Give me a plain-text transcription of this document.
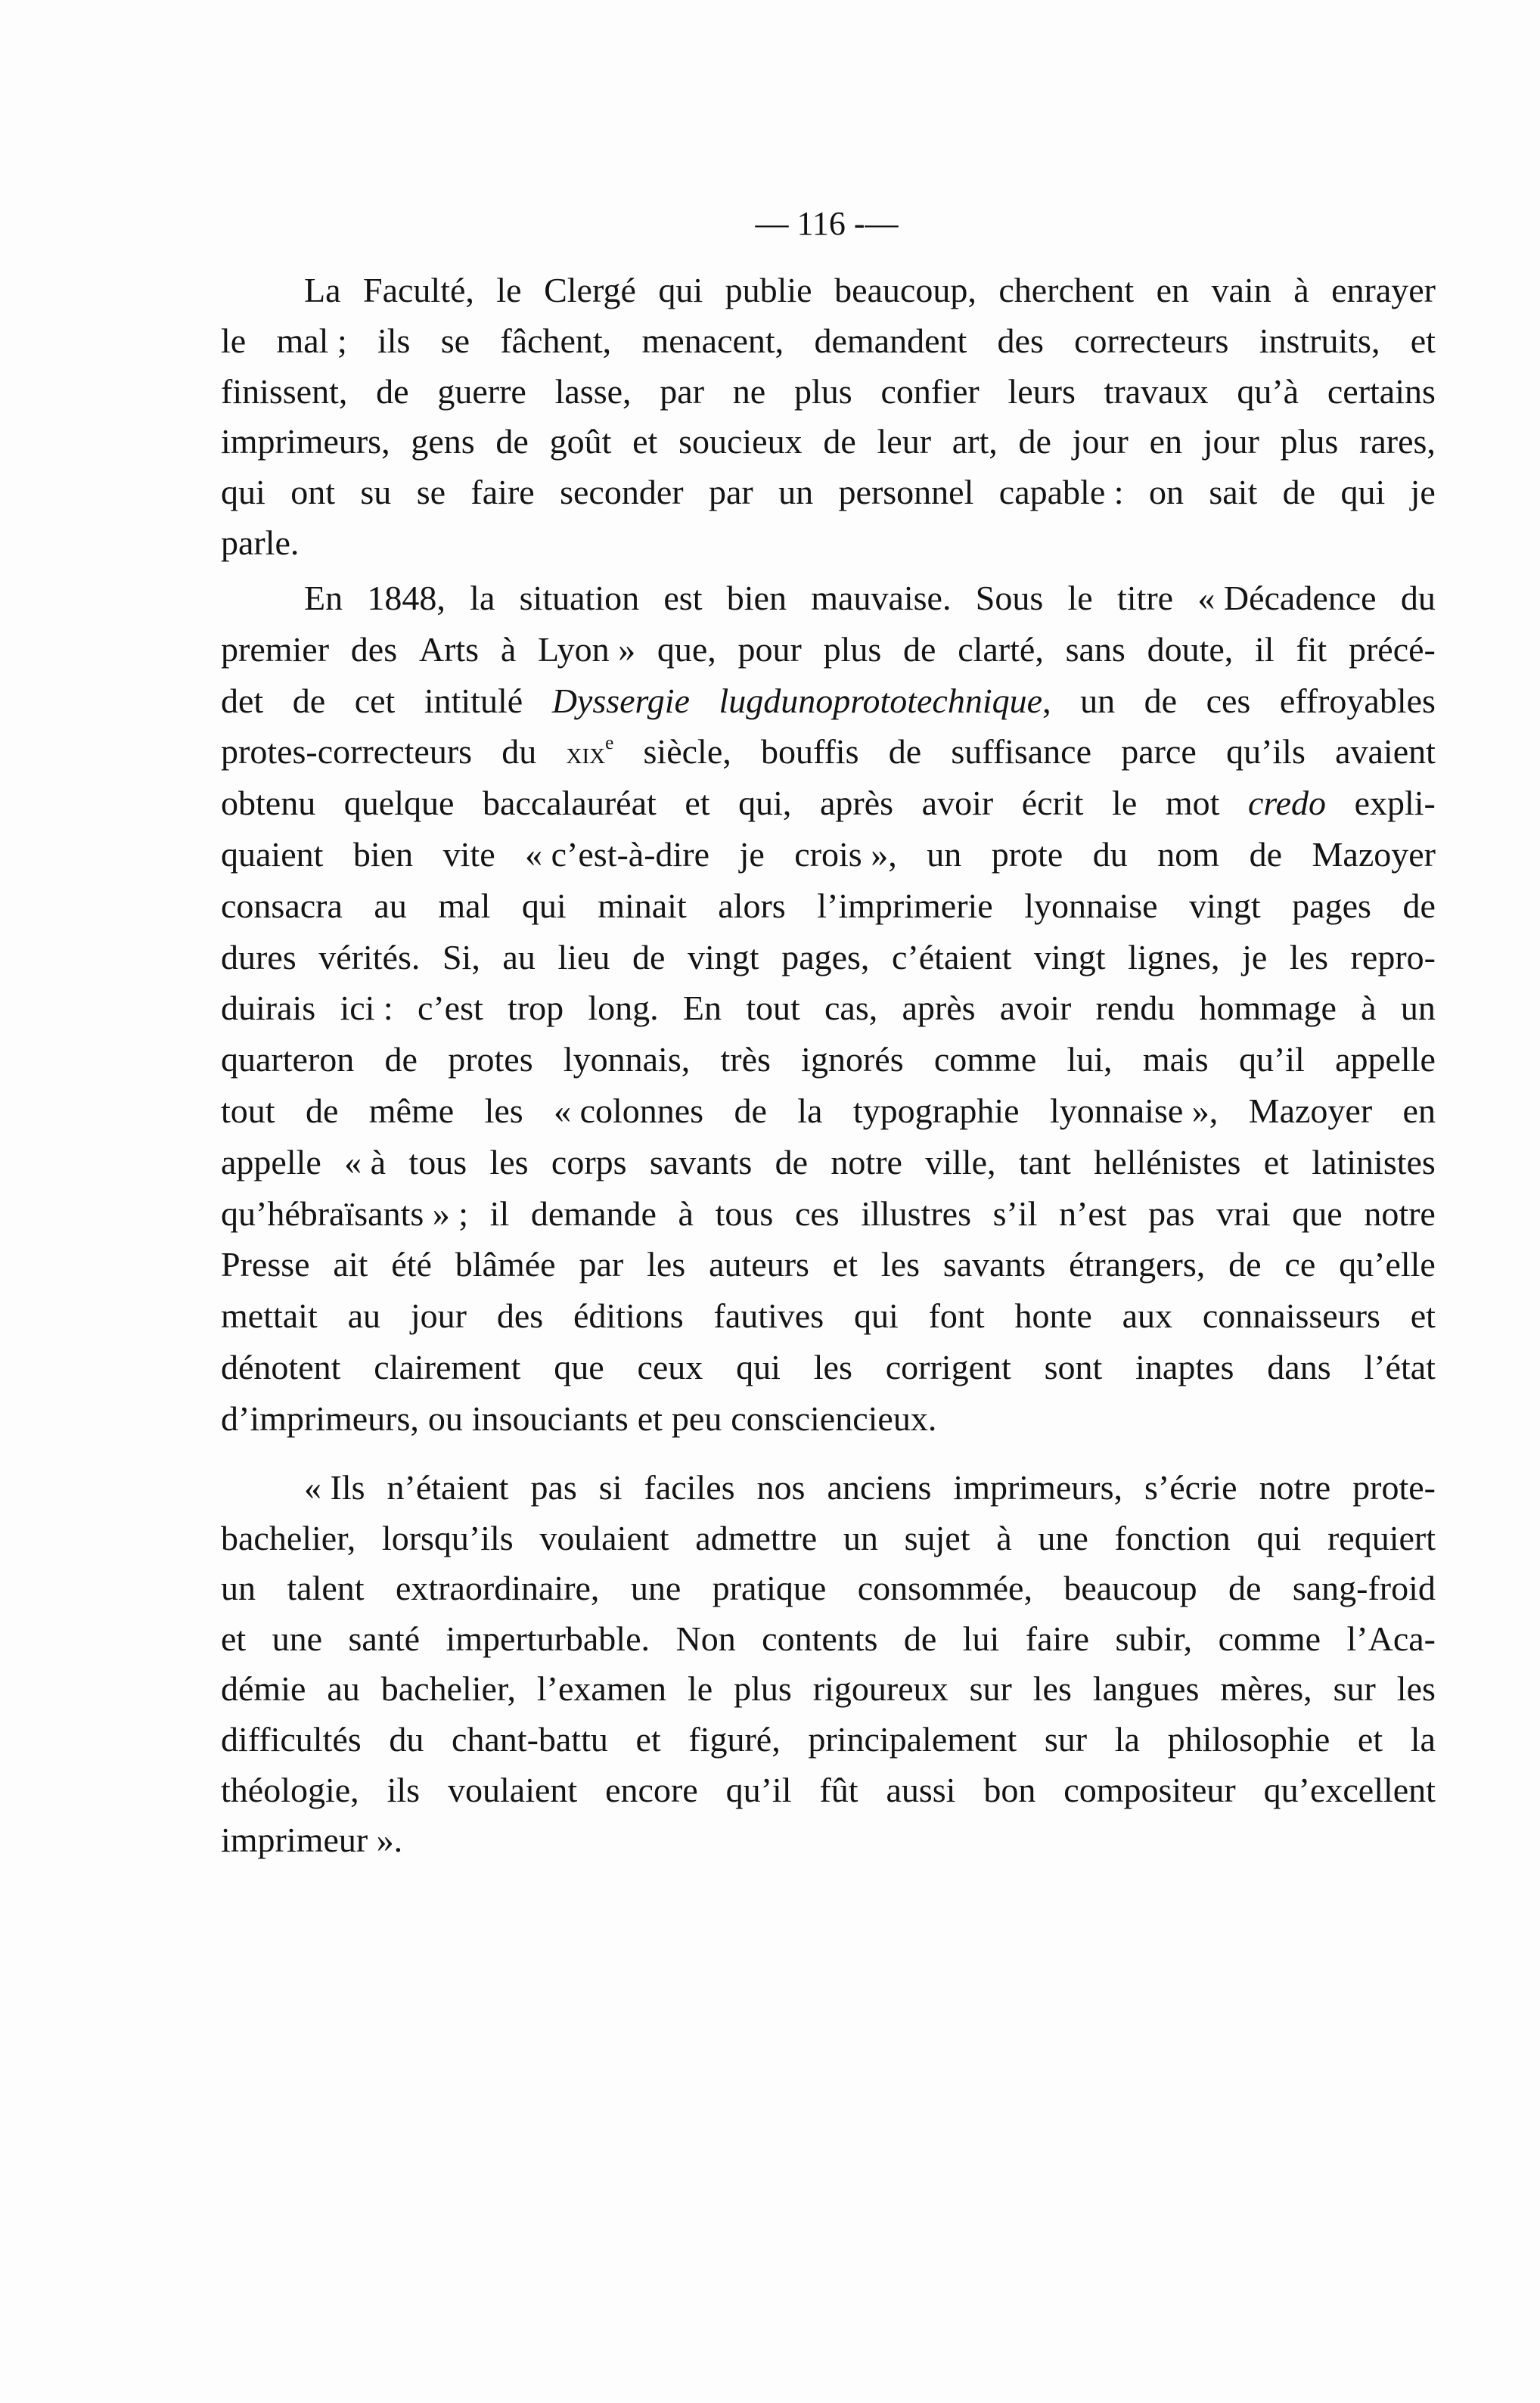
— 116 -—
La Faculté, le Clergé qui publie beaucoup, cherchent en vain à enrayer
le mal ; ils se fâchent, menacent, demandent des correcteurs instruits, et
finissent, de guerre lasse, par ne plus confier leurs travaux qu’à certains
imprimeurs, gens de goût et soucieux de leur art, de jour en jour plus rares,
qui ont su se faire seconder par un personnel capable : on sait de qui je
parle.
En 1848, la situation est bien mauvaise. Sous le titre « Décadence du
premier des Arts à Lyon » que, pour plus de clarté, sans doute, il fit précé-
det de cet intitulé Dyssergie lugdunoprototechnique, un de ces effroyables
protes-correcteurs du xix$^e$ siècle, bouffis de suffisance parce qu’ils avaient
obtenu quelque baccalauréat et qui, après avoir écrit le mot credo expli-
quaient bien vite « c’est-à-dire je crois », un prote du nom de Mazoyer
consacra au mal qui minait alors l’imprimerie lyonnaise vingt pages de
dures vérités. Si, au lieu de vingt pages, c’étaient vingt lignes, je les repro-
duirais ici : c’est trop long. En tout cas, après avoir rendu hommage à un
quarteron de protes lyonnais, très ignorés comme lui, mais qu’il appelle
tout de même les « colonnes de la typographie lyonnaise », Mazoyer en
appelle « à tous les corps savants de notre ville, tant hellénistes et latinistes
qu’hébraïsants » ; il demande à tous ces illustres s’il n’est pas vrai que notre
Presse ait été blâmée par les auteurs et les savants étrangers, de ce qu’elle
mettait au jour des éditions fautives qui font honte aux connaisseurs et
dénotent clairement que ceux qui les corrigent sont inaptes dans l’état
d’imprimeurs, ou insouciants et peu consciencieux.
« Ils n’étaient pas si faciles nos anciens imprimeurs, s’écrie notre prote-
bachelier, lorsqu’ils voulaient admettre un sujet à une fonction qui requiert
un talent extraordinaire, une pratique consommée, beaucoup de sang-froid
et une santé imperturbable. Non contents de lui faire subir, comme l’Aca-
démie au bachelier, l’examen le plus rigoureux sur les langues mères, sur les
difficultés du chant-battu et figuré, principalement sur la philosophie et la
théologie, ils voulaient encore qu’il fût aussi bon compositeur qu’excellent
imprimeur ».
